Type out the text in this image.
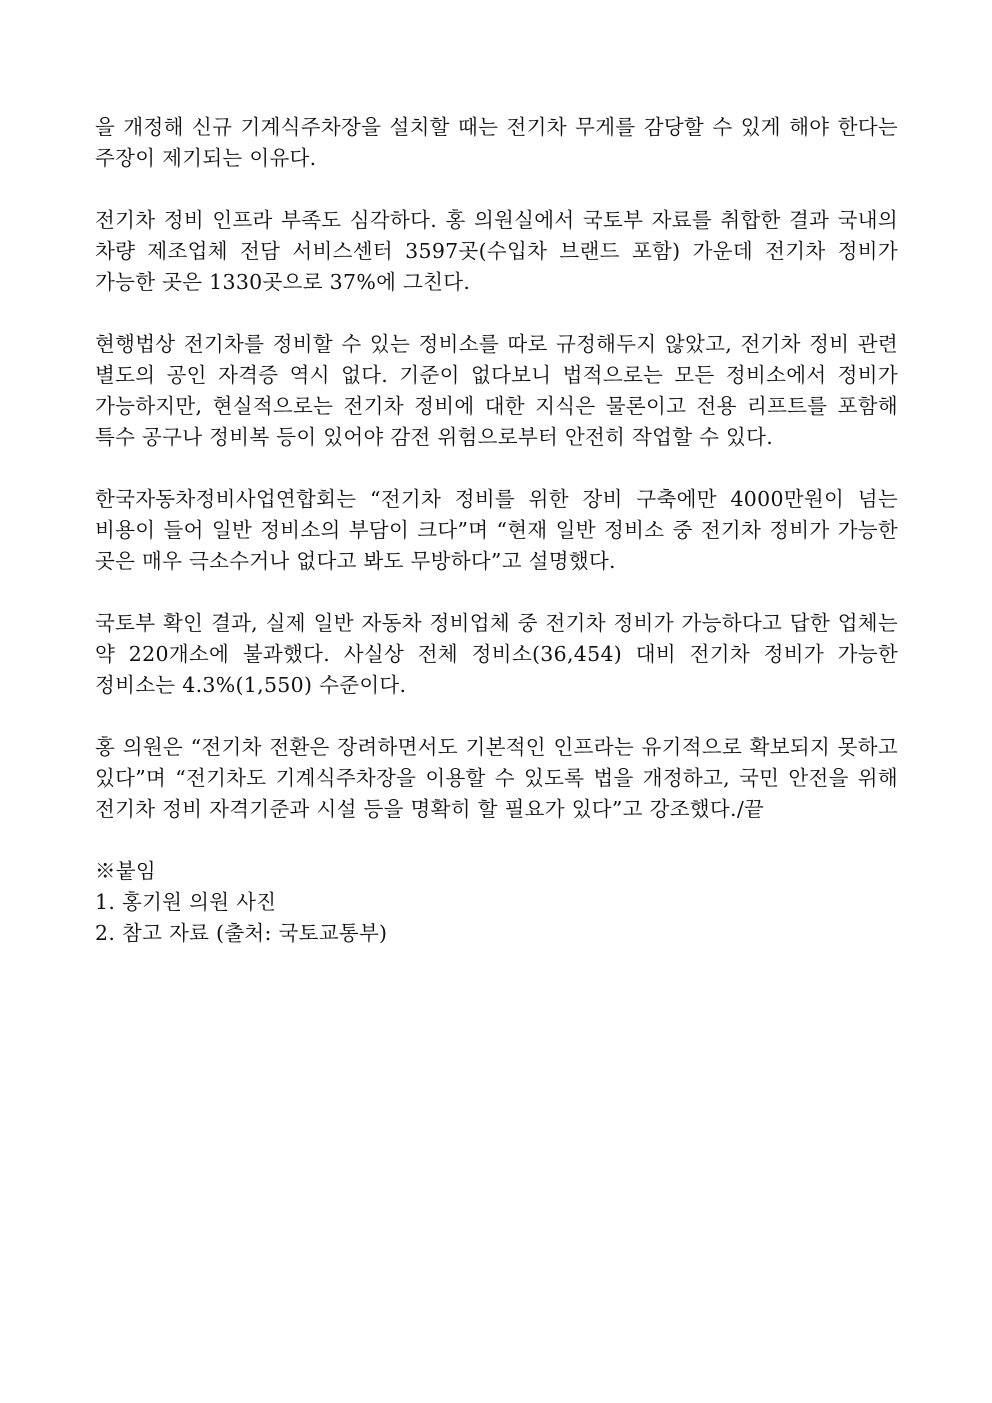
을 개정해 신규 기계식주차장을 설치할 때는 전기차 무게를 감당할 수 있게 해야 한다는 주장이 제기되는 이유다.

전기차 정비 인프라 부족도 심각하다. 홍 의원실에서 국토부 자료를 취합한 결과 국내의 차량 제조업체 전담 서비스센터 3597곳(수입차 브랜드 포함) 가운데 전기차 정비가 가능한 곳은 1330곳으로 37%에 그친다.

현행법상 전기차를 정비할 수 있는 정비소를 따로 규정해두지 않았고, 전기차 정비 관련 별도의 공인 자격증 역시 없다. 기준이 없다보니 법적으로는 모든 정비소에서 정비가 가능하지만, 현실적으로는 전기차 정비에 대한 지식은 물론이고 전용 리프트를 포함해 특수 공구나 정비복 등이 있어야 감전 위험으로부터 안전히 작업할 수 있다.

한국자동차정비사업연합회는 “전기차 정비를 위한 장비 구축에만 4000만원이 넘는 비용이 들어 일반 정비소의 부담이 크다”며 “현재 일반 정비소 중 전기차 정비가 가능한 곳은 매우 극소수거나 없다고 봐도 무방하다”고 설명했다.

국토부 확인 결과, 실제 일반 자동차 정비업체 중 전기차 정비가 가능하다고 답한 업체는 약 220개소에 불과했다. 사실상 전체 정비소(36,454) 대비 전기차 정비가 가능한 정비소는 4.3%(1,550) 수준이다.

홍 의원은 “전기차 전환은 장려하면서도 기본적인 인프라는 유기적으로 확보되지 못하고 있다”며 “전기차도 기계식주차장을 이용할 수 있도록 법을 개정하고, 국민 안전을 위해 전기차 정비 자격기준과 시설 등을 명확히 할 필요가 있다”고 강조했다./끝

※붙임
1. 홍기원 의원 사진
2. 참고 자료 (출처: 국토교통부)
